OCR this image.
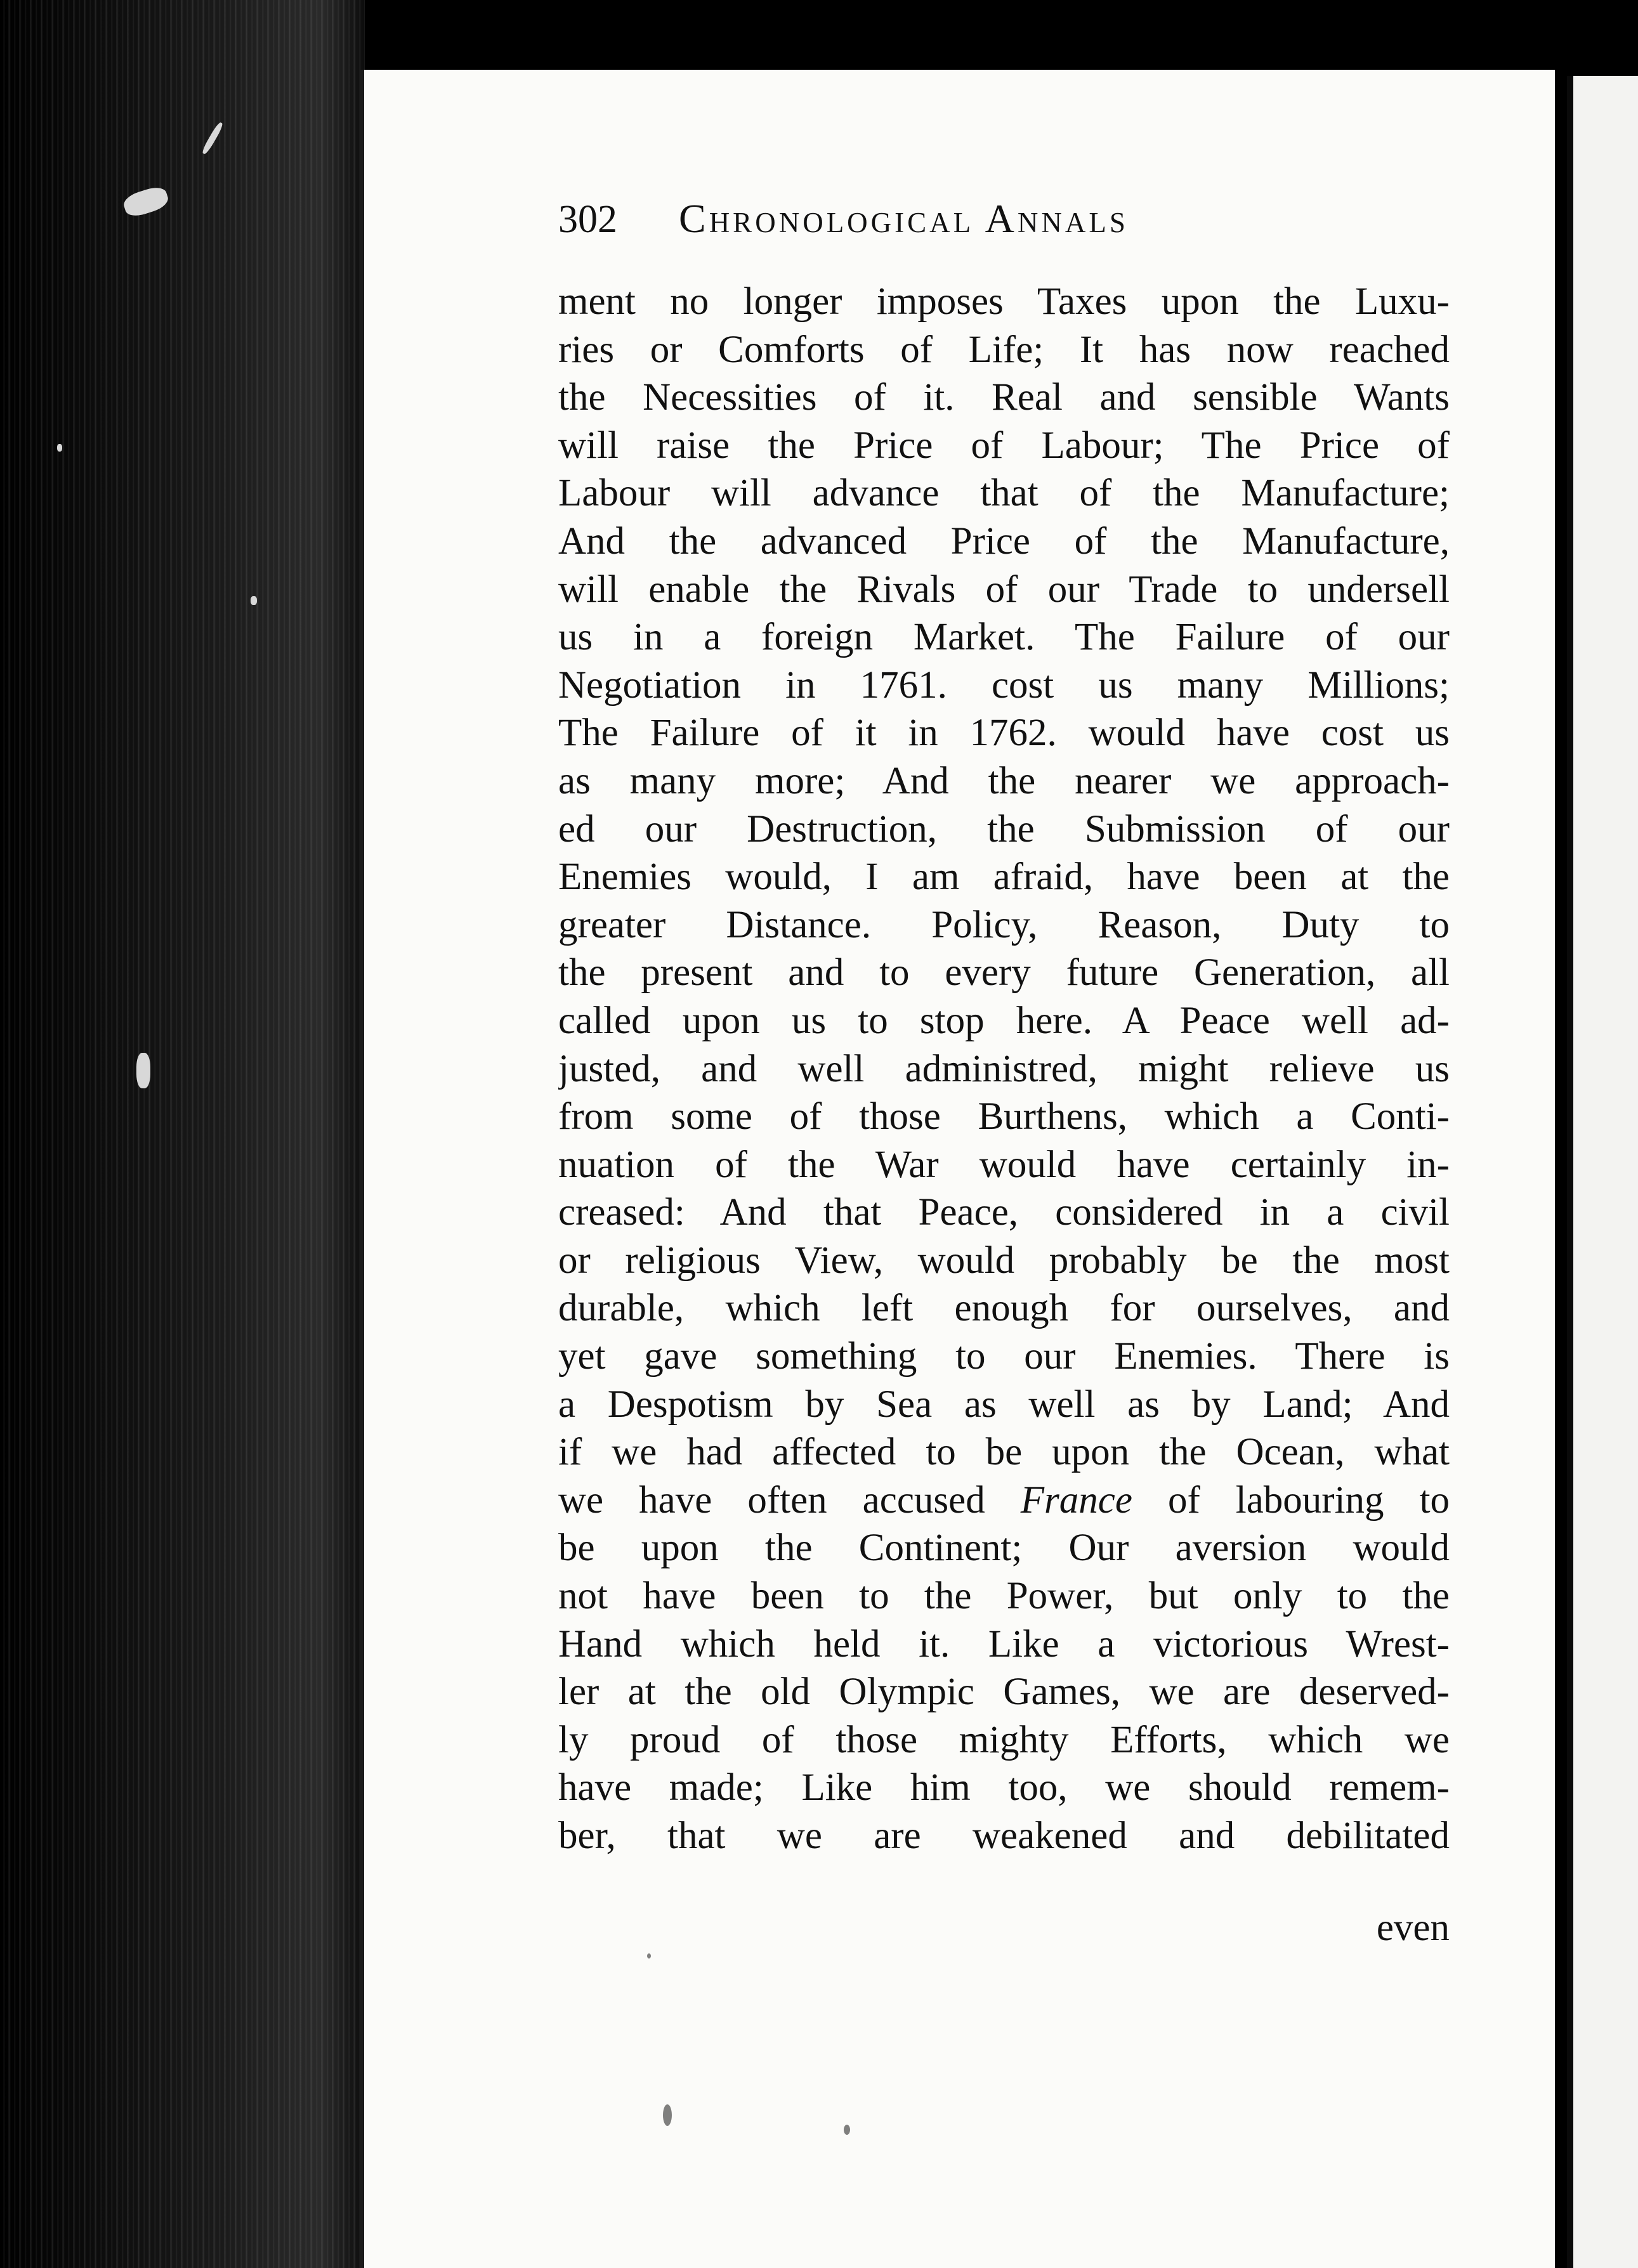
302 Chronological Annals
ment no longer imposes Taxes upon the Luxu-
ries or Comforts of Life; It has now reached
the Necessities of it. Real and sensible Wants
will raise the Price of Labour; The Price of
Labour will advance that of the Manufacture;
And the advanced Price of the Manufacture,
will enable the Rivals of our Trade to undersell
us in a foreign Market. The Failure of our
Negotiation in 1761. cost us many Millions;
The Failure of it in 1762. would have cost us
as many more; And the nearer we approach-
ed our Destruction, the Submission of our
Enemies would, I am afraid, have been at the
greater Distance. Policy, Reason, Duty to
the present and to every future Generation, all
called upon us to stop here. A Peace well ad-
justed, and well administred, might relieve us
from some of those Burthens, which a Conti-
nuation of the War would have certainly in-
creased: And that Peace, considered in a civil
or religious View, would probably be the most
durable, which left enough for ourselves, and
yet gave something to our Enemies. There is
a Despotism by Sea as well as by Land; And
if we had affected to be upon the Ocean, what
we have often accused France of labouring to
be upon the Continent; Our aversion would
not have been to the Power, but only to the
Hand which held it. Like a victorious Wrest-
ler at the old Olympic Games, we are deserved-
ly proud of those mighty Efforts, which we
have made; Like him too, we should remem-
ber, that we are weakened and debilitated
even
